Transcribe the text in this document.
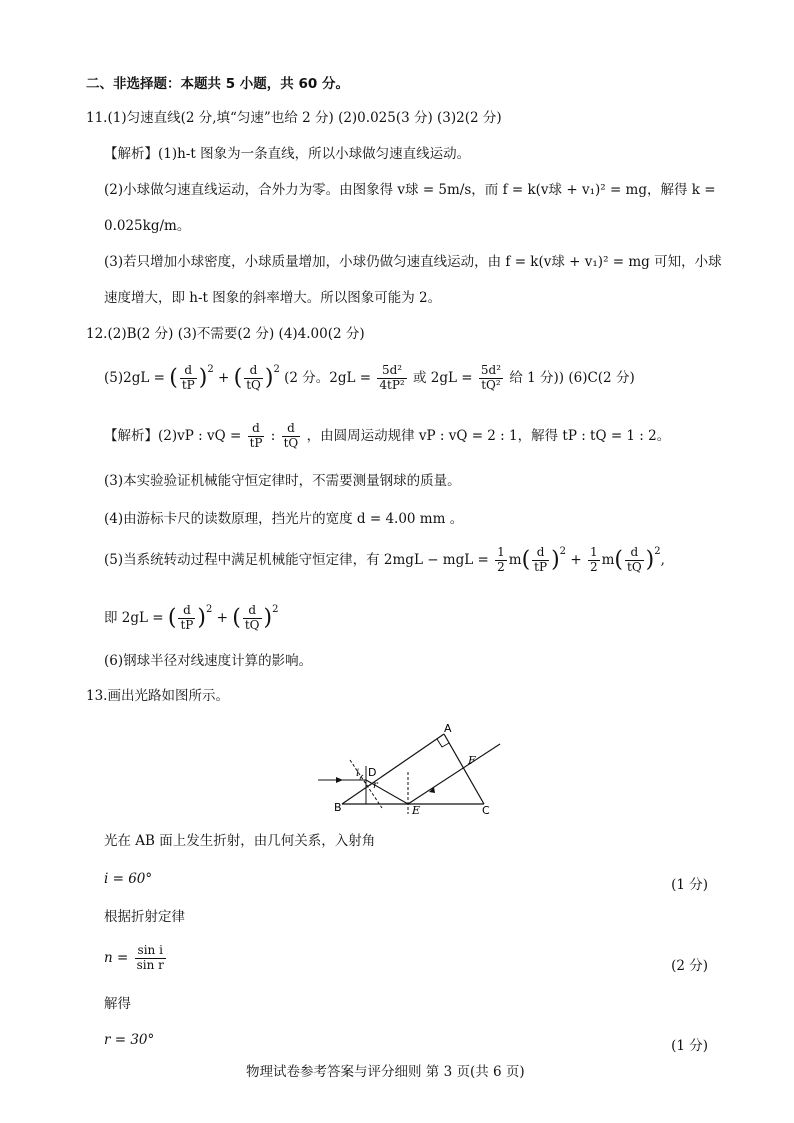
二、非选择题：本题共 5 小题，共 60 分。
11.(1)匀速直线(2 分,填“匀速”也给 2 分) (2)0.025(3 分) (3)2(2 分)
【解析】(1)h-t 图象为一条直线，所以小球做匀速直线运动。
(2)小球做匀速直线运动，合外力为零。由图象得 v球 = 5m/s，而 f = k(v球 + v₁)² = mg，解得 k =
0.025kg/m。
(3)若只增加小球密度，小球质量增加，小球仍做匀速直线运动，由 f = k(v球 + v₁)² = mg 可知，小球
速度增大，即 h-t 图象的斜率增大。所以图象可能为 2。
12.(2)B(2 分) (3)不需要(2 分) (4)4.00(2 分)
(5)2gL = ( $\frac{d}{tP} )^2$ + ( $\frac{d}{tQ} )^2$ (2 分。$2gL = \frac{\text{5d²}}{\text{4tP²}}$ 或 $2gL = \frac{\text{5d²}}{\text{tQ²}}$ 给 1 分)) (6)C(2 分)
【解析】(2)vP : vQ = $\frac{d}{tP}$ : $\frac{d}{tQ}$ ，由圆周运动规律 vP : vQ = 2 : 1，解得 tP : tQ = 1 : 2。
(3)本实验验证机械能守恒定律时，不需要测量钢球的质量。
(4)由游标卡尺的读数原理，挡光片的宽度 d = 4.00 mm 。
(5)当系统转动过程中满足机械能守恒定律，有 2mgL − mgL = $\frac{1}{2} m( \frac{d}{tP} )^2 + \frac{1}{2} m( \frac{d}{tQ} )^2$,
即 2gL = ( $\frac{d}{tP} )^2$ + ( $\frac{d}{tQ} )^2$
(6)钢球半径对线速度计算的影响。
13.画出光路如图所示。
A
B	C
D
E
F
i
r
光在 AB 面上发生折射，由几何关系，入射角
i = 60°	(1 分)
根据折射定律
$n = \frac{\text{sin i}}{\text{sin r}}$	(2 分)
解得
r = 30°	(1 分)
物理试卷参考答案与评分细则 第 3 页(共 6 页)
